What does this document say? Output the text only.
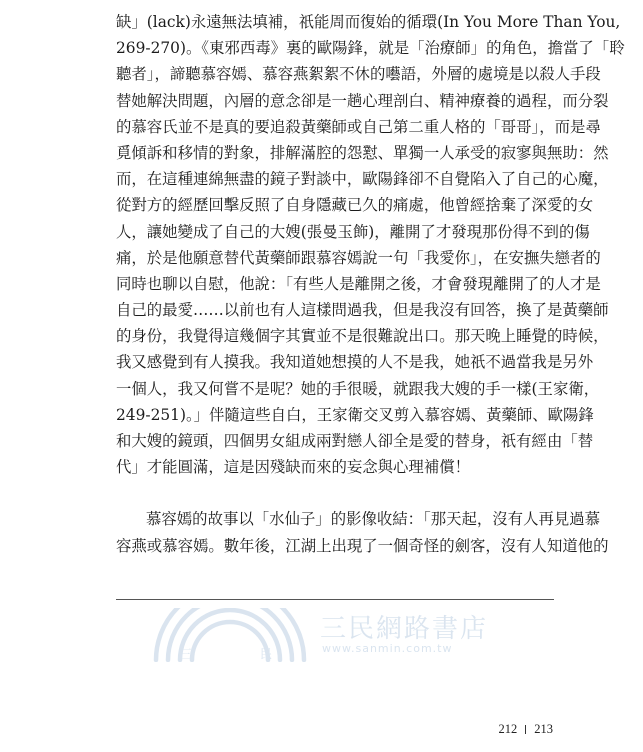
缺」(lack)永遠無法填補，祇能周而復始的循環(In You More Than You,
269-270)。《東邪西毒》裏的歐陽鋒，就是「治療師」的角色，擔當了「聆
聽者」，諦聽慕容嫣、慕容燕絮絮不休的囈語，外層的處境是以殺人手段
替她解決問題，內層的意念卻是一趟心理剖白、精神療養的過程，而分裂
的慕容氏並不是真的要追殺黃藥師或自己第二重人格的「哥哥」，而是尋
覓傾訴和移情的對象，排解滿腔的怨懟、單獨一人承受的寂寥與無助：然
而，在這種連綿無盡的鏡子對談中，歐陽鋒卻不自覺陷入了自己的心魔，
從對方的經歷回擊反照了自身隱藏已久的痛處，他曾經捨棄了深愛的女
人，讓她變成了自己的大嫂(張曼玉飾)，離開了才發現那份得不到的傷
痛，於是他願意替代黃藥師跟慕容嫣說一句「我愛你」，在安撫失戀者的
同時也聊以自慰，他說：「有些人是離開之後，才會發現離開了的人才是
自己的最愛……以前也有人這樣問過我，但是我沒有回答，換了是黃藥師
的身份，我覺得這幾個字其實並不是很難說出口。那天晚上睡覺的時候，
我又感覺到有人摸我。我知道她想摸的人不是我，她祇不過當我是另外
一個人，我又何嘗不是呢？她的手很暖，就跟我大嫂的手一樣(王家衛，
249-251)。」伴隨這些自白，王家衛交叉剪入慕容嫣、黃藥師、歐陽鋒
和大嫂的鏡頭，四個男女組成兩對戀人卻全是愛的替身，祇有經由「替
代」才能圓滿，這是因殘缺而來的妄念與心理補償！
慕容嫣的故事以「水仙子」的影像收結：「那天起，沒有人再見過慕
容燕或慕容嫣。數年後，江湖上出現了一個奇怪的劍客，沒有人知道他的
三	民
三民網路書店
www.sanmin.com.tw
212 213
